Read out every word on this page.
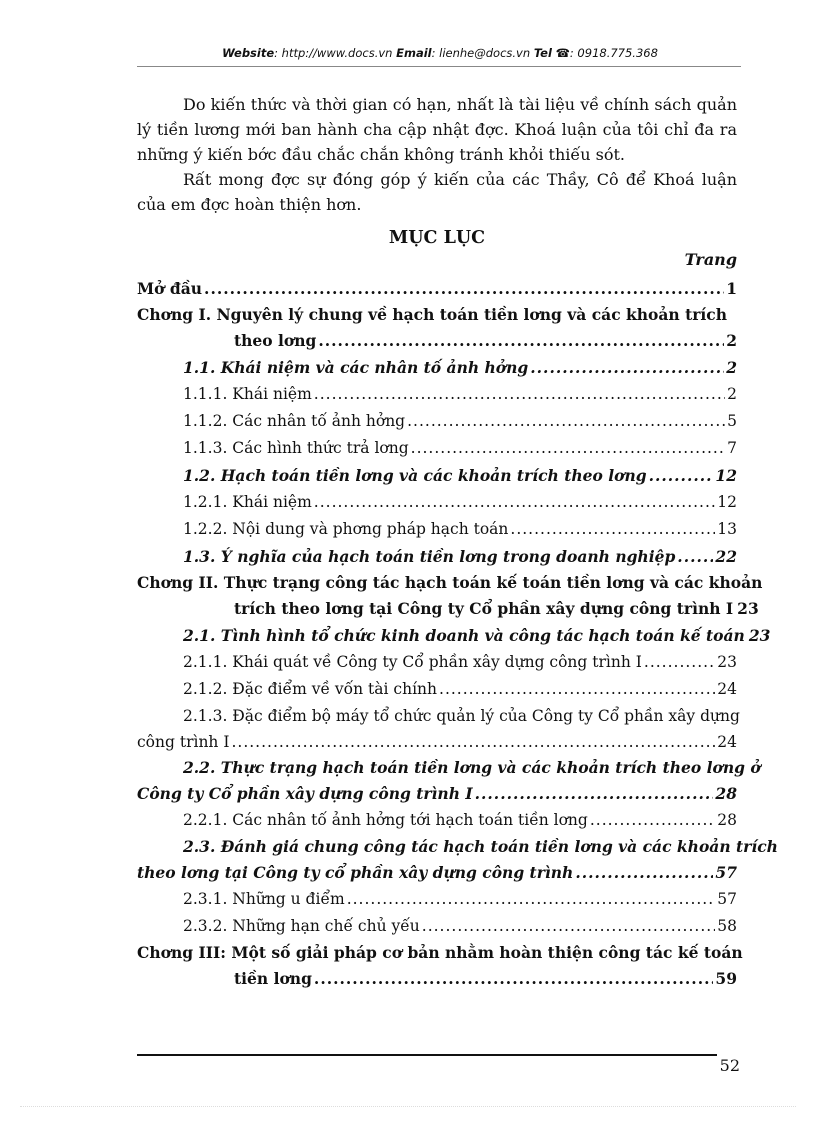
Website: http://www.docs.vn Email: lienhe@docs.vn Tel ☎: 0918.775.368

Do kiến thức và thời gian có hạn, nhất là tài liệu về chính sách quản lý tiền lương mới ban hành cha cập nhật đợc. Khoá luận của tôi chỉ đa ra những ý kiến bớc đầu chắc chắn không tránh khỏi thiếu sót.

Rất mong đợc sự đóng góp ý kiến của các Thầy, Cô để Khoá luận của em đợc hoàn thiện hơn.

MỤC LỤC
Trang
Mở đầu .....	1
Chơng I. Nguyên lý chung về hạch toán tiền lơng và các khoản trích
theo lơng .....	2
1.1. Khái niệm và các nhân tố ảnh hởng .....	2
1.1.1. Khái niệm .....	2
1.1.2. Các nhân tố ảnh hởng .....	5
1.1.3. Các hình thức trả lơng .....	7
1.2. Hạch toán tiền lơng và các khoản trích theo lơng .....	12
1.2.1. Khái niệm .....	12
1.2.2. Nội dung và phơng pháp hạch toán .....	13
1.3. Ý nghĩa của hạch toán tiền lơng trong doanh nghiệp .....	22
Chơng II. Thực trạng công tác hạch toán kế toán tiền lơng và các khoản
trích theo lơng tại Công ty Cổ phần xây dựng công trình I 23
2.1. Tình hình tổ chức kinh doanh và công tác hạch toán kế toán 23
2.1.1. Khái quát về Công ty Cổ phần xây dựng công trình I .....	23
2.1.2. Đặc điểm về vốn tài chính .....	24
2.1.3. Đặc điểm bộ máy tổ chức quản lý của Công ty Cổ phần xây dựng
công trình I .....	24
2.2. Thực trạng hạch toán tiền lơng và các khoản trích theo lơng ở
Công ty Cổ phần xây dựng công trình I .....	28
2.2.1. Các nhân tố ảnh hởng tới hạch toán tiền lơng .....	28
2.3. Đánh giá chung công tác hạch toán tiền lơng và các khoản trích
theo lơng tại Công ty cổ phần xây dựng công trình .....	57
2.3.1. Những u điểm .....	57
2.3.2. Những hạn chế chủ yếu .....	58
Chơng III: Một số giải pháp cơ bản nhằm hoàn thiện công tác kế toán
tiền lơng .....	59
52
